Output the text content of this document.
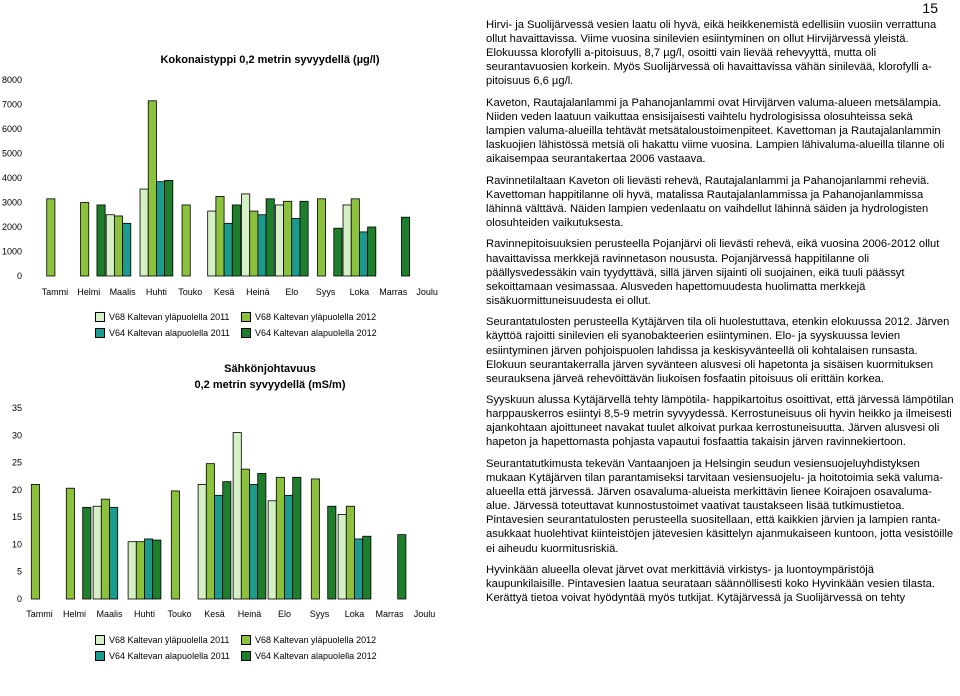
15
0
1000
2000
3000
4000
5000
6000
7000
8000
Tammi Helmi Maalis Huhti Touko Kesä Heinä Elo Syys Loka Marras Joulu
Kokonaistyppi 0,2 metrin syvyydellä (µg/l)
V68 Kaltevan yläpuolella 2011	V68 Kaltevan yläpuolella 2012
V64 Kaltevan alapuolella 2011	V64 Kaltevan alapuolella 2012
0
5
10
15
20
25
30
35
Tammi Helmi Maalis Huhti Touko Kesä Heinä Elo Syys Loka Marras Joulu
Sähkönjohtavuus
0,2 metrin syvyydellä (mS/m)
V68 Kaltevan yläpuolella 2011	V68 Kaltevan yläpuolella 2012
V64 Kaltevan alapuolella 2011	V64 Kaltevan alapuolella 2012

Hirvi- ja Suolijärvessä vesien laatu oli hyvä, eikä heikkenemistä edellisiin vuosiin verrattuna ollut havaittavissa. Viime vuosina sinilevien esiintyminen on ollut Hirvijärvessä yleistä. Elokuussa klorofylli a-pitoisuus, 8,7 µg/l, osoitti vain lievää rehevyyttä, mutta oli seurantavuosien korkein. Myös Suolijärvessä oli havaittavissa vähän sinilevää, klorofylli a-pitoisuus 6,6 µg/l.

Kaveton, Rautajalanlammi ja Pahanojanlammi ovat Hirvijärven valuma-alueen metsälampia. Niiden veden laatuun vaikuttaa ensisijaisesti vaihtelu hydrologisissa olosuhteissa sekä lampien valuma-alueilla tehtävät metsätaloustoimenpiteet. Kavettoman ja Rautajalanlammin laskuojien lähistössä metsiä oli hakattu viime vuosina. Lampien lähivaluma-alueilla tilanne oli aikaisempaa seurantakertaa 2006 vastaava.

Ravinnetilaltaan Kaveton oli lievästi rehevä, Rautajalanlammi ja Pahanojanlammi reheviä. Kavettoman happitilanne oli hyvä, matalissa Rautajalanlammissa ja Pahanojanlammissa lähinnä välttävä. Näiden lampien vedenlaatu on vaihdellut lähinnä säiden ja hydrologisten olosuhteiden vaikutuksesta.

Ravinnepitoisuuksien perusteella Pojanjärvi oli lievästi rehevä, eikä vuosina 2006-2012 ollut havaittavissa merkkejä ravinnetason noususta. Pojanjärvessä happitilanne oli päällysvedessäkin vain tyydyttävä, sillä järven sijainti oli suojainen, eikä tuuli päässyt sekoittamaan vesimassaa. Alusveden hapettomuudesta huolimatta merkkejä sisäkuormittuneisuudesta ei ollut.

Seurantatulosten perusteella Kytäjärven tila oli huolestuttava, etenkin elokuussa 2012. Järven käyttöä rajoitti sinilevien eli syanobakteerien esiintyminen. Elo- ja syyskuussa levien esiintyminen järven pohjoispuolen lahdissa ja keskisyvänteellä oli kohtalaisen runsasta. Elokuun seurantakerralla järven syvänteen alusvesi oli hapetonta ja sisäisen kuormituksen seurauksena järveä rehevöittävän liukoisen fosfaatin pitoisuus oli erittäin korkea.

Syyskuun alussa Kytäjärvellä tehty lämpötila- happikartoitus osoittivat, että järvessä lämpötilan harppauskerros esiintyi 8,5-9 metrin syvyydessä. Kerrostuneisuus oli hyvin heikko ja ilmeisesti ajankohtaan ajoittuneet navakat tuulet alkoivat purkaa kerrostuneisuutta. Järven alusvesi oli hapeton ja hapettomasta pohjasta vapautui fosfaattia takaisin järven ravinnekiertoon.

Seurantatutkimusta tekevän Vantaanjoen ja Helsingin seudun vesiensuojeluyhdistyksen mukaan Kytäjärven tilan parantamiseksi tarvitaan vesiensuojelu- ja hoitotoimia sekä valuma-alueella että järvessä. Järven osavaluma-alueista merkittävin lienee Koirajoen osavaluma-alue. Järvessä toteuttavat kunnostustoimet vaativat taustakseen lisää tutkimustietoa. Pintavesien seurantatulosten perusteella suositellaan, että kaikkien järvien ja lampien ranta-asukkaat huolehtivat kiinteistöjen jätevesien käsittelyn ajanmukaiseen kuntoon, jotta vesistöille ei aiheudu kuormitusriskiä.

Hyvinkään alueella olevat järvet ovat merkittäviä virkistys- ja luontoympäristöjä kaupunkilaisille. Pintavesien laatua seurataan säännöllisesti koko Hyvinkään vesien tilasta. Kerättyä tietoa voivat hyödyntää myös tutkijat. Kytäjärvessä ja Suolijärvessä on tehty
